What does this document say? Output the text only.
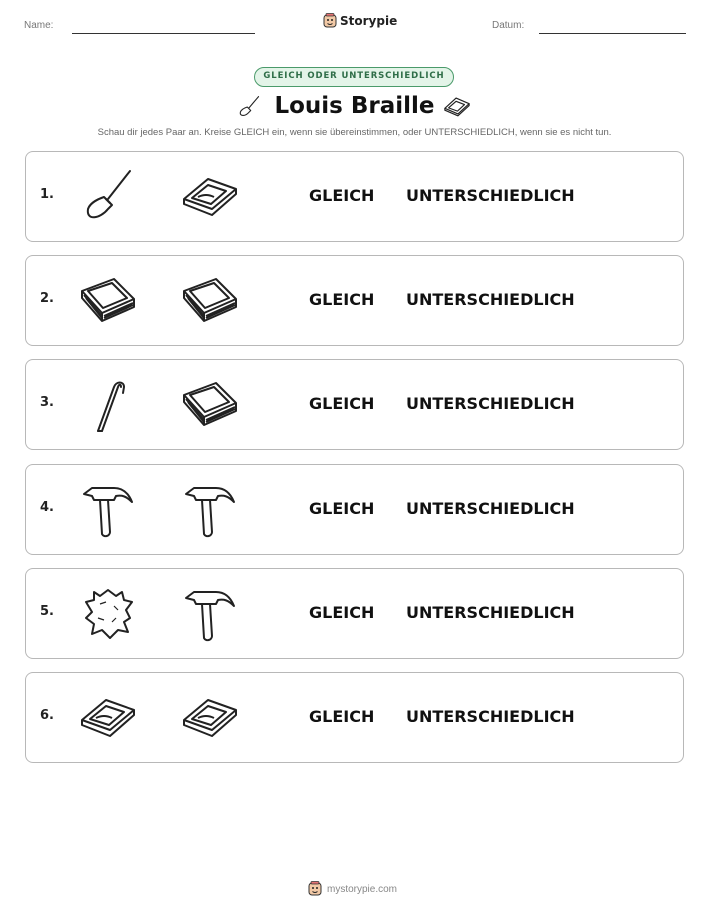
Name:	Storypie	Datum:
GLEICH ODER UNTERSCHIEDLICH
Louis Braille
Schau dir jedes Paar an. Kreise GLEICH ein, wenn sie übereinstimmen, oder UNTERSCHIEDLICH, wenn sie es nicht tun.
1.	GLEICH UNTERSCHIEDLICH
2.	GLEICH UNTERSCHIEDLICH
3.	GLEICH UNTERSCHIEDLICH
4.	GLEICH UNTERSCHIEDLICH
5.	GLEICH UNTERSCHIEDLICH
6.	GLEICH UNTERSCHIEDLICH
mystorypie.com
